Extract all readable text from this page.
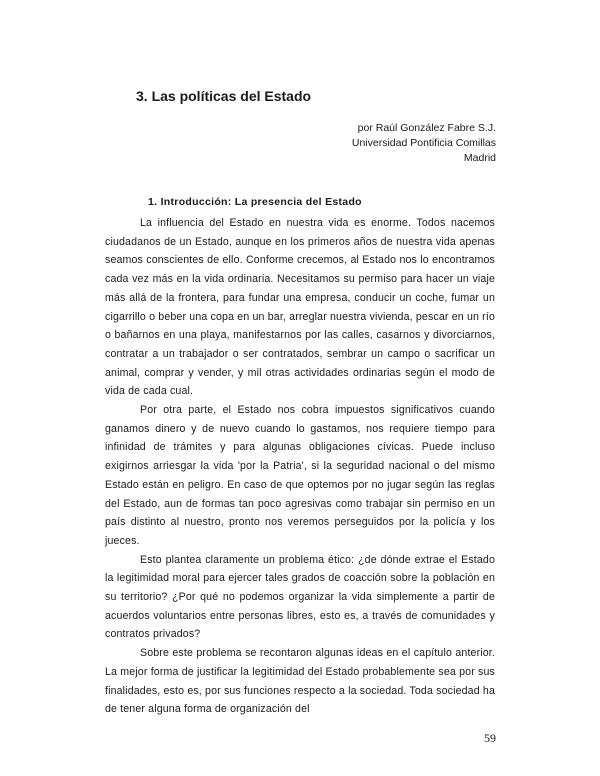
3. Las políticas del Estado
por Raúl González Fabre S.J.
Universidad Pontificia Comillas
Madrid
1. Introducción: La presencia del Estado

La influencia del Estado en nuestra vida es enorme. Todos nacemos ciudadanos de un Estado, aunque en los primeros años de nuestra vida apenas seamos conscientes de ello. Conforme crecemos, al Estado nos lo encontramos cada vez más en la vida ordinaria. Necesitamos su permiso para hacer un viaje más allá de la frontera, para fundar una empresa, conducir un coche, fumar un cigarrillo o beber una copa en un bar, arreglar nuestra vivienda, pescar en un río o bañarnos en una playa, manifestarnos por las calles, casarnos y divorciarnos, contratar a un trabajador o ser contratados, sembrar un campo o sacrificar un animal, comprar y vender, y mil otras actividades ordinarias según el modo de vida de cada cual.

Por otra parte, el Estado nos cobra impuestos significativos cuando ganamos dinero y de nuevo cuando lo gastamos, nos requiere tiempo para infinidad de trámites y para algunas obligaciones cívicas. Puede incluso exigirnos arriesgar la vida 'por la Patria', si la seguridad nacional o del mismo Estado están en peligro. En caso de que optemos por no jugar según las reglas del Estado, aun de formas tan poco agresivas como trabajar sin permiso en un país distinto al nuestro, pronto nos veremos perseguidos por la policía y los jueces.

Esto plantea claramente un problema ético: ¿de dónde extrae el Estado la legitimidad moral para ejercer tales grados de coacción sobre la población en su territorio? ¿Por qué no podemos organizar la vida simplemente a partir de acuerdos voluntarios entre personas libres, esto es, a través de comunidades y contratos privados?

Sobre este problema se recontaron algunas ideas en el capítulo anterior. La mejor forma de justificar la legitimidad del Estado probablemente sea por sus finalidades, esto es, por sus funciones respecto a la sociedad. Toda sociedad ha de tener alguna forma de organización del

59
